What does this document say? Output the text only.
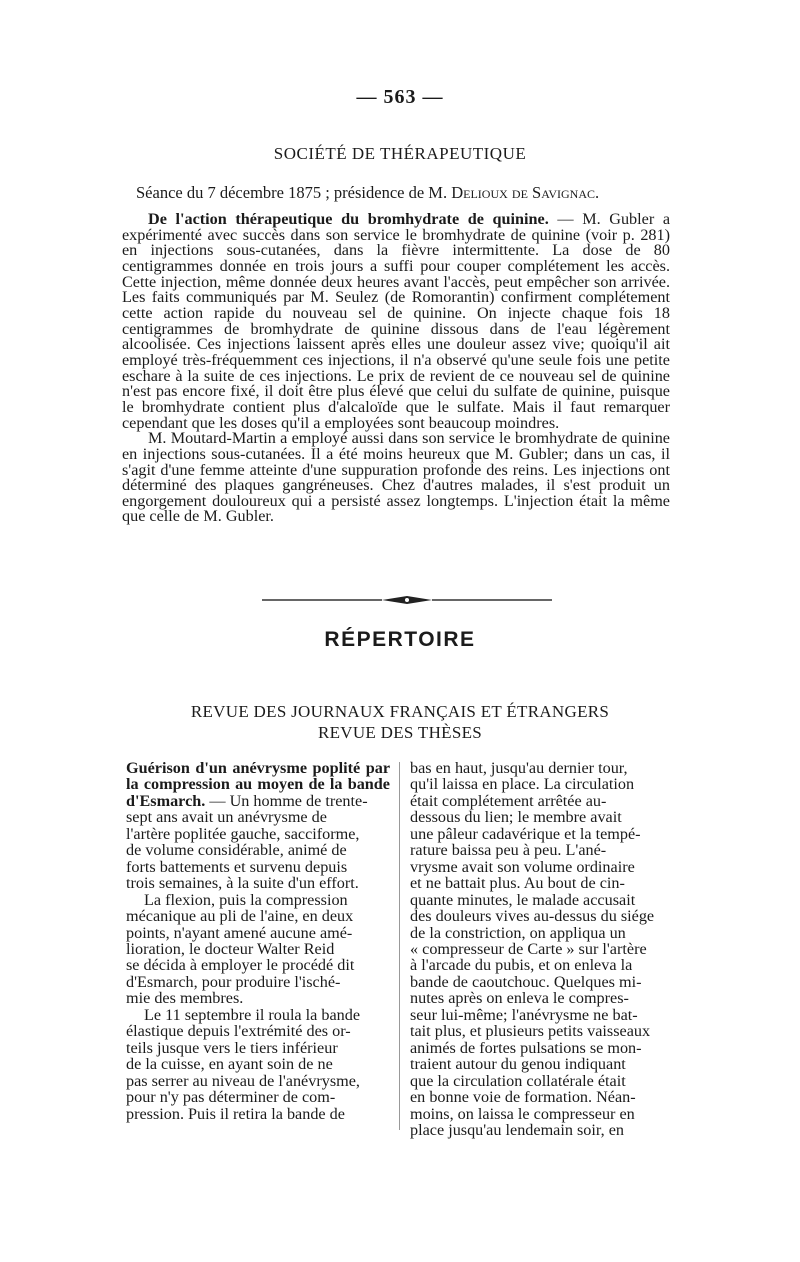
— 563 —
SOCIÉTÉ DE THÉRAPEUTIQUE
Séance du 7 décembre 1875 ; présidence de M. Delioux de Savignac.

De l'action thérapeutique du bromhydrate de quinine. — M. Gubler a expérimenté avec succès dans son service le bromhydrate de quinine (voir p. 281) en injections sous-cutanées, dans la fièvre intermittente. La dose de 80 centigrammes donnée en trois jours a suffi pour couper complétement les accès. Cette injection, même donnée deux heures avant l'accès, peut empêcher son arrivée. Les faits communiqués par M. Seulez (de Romorantin) confirment complétement cette action rapide du nouveau sel de quinine. On injecte chaque fois 18 centigrammes de bromhydrate de quinine dissous dans de l'eau légèrement alcoolisée. Ces injections laissent après elles une douleur assez vive; quoiqu'il ait employé très-fréquemment ces injections, il n'a observé qu'une seule fois une petite eschare à la suite de ces injections. Le prix de revient de ce nouveau sel de quinine n'est pas encore fixé, il doit être plus élevé que celui du sulfate de quinine, puisque le bromhydrate contient plus d'alcaloïde que le sulfate. Mais il faut remarquer cependant que les doses qu'il a employées sont beaucoup moindres.

M. Moutard-Martin a employé aussi dans son service le bromhydrate de quinine en injections sous-cutanées. Il a été moins heureux que M. Gubler; dans un cas, il s'agit d'une femme atteinte d'une suppuration profonde des reins. Les injections ont déterminé des plaques gangréneuses. Chez d'autres malades, il s'est produit un engorgement douloureux qui a persisté assez longtemps. L'injection était la même que celle de M. Gubler.

RÉPERTOIRE
REVUE DES JOURNAUX FRANÇAIS ET ÉTRANGERS
REVUE DES THÈSES
Guérison d'un anévrysme poplité par la compression au moyen de la bande d'Esmarch. — Un homme de trente-
sept ans avait un anévrysme de
l'artère poplitée gauche, sacciforme,
de volume considérable, animé de
forts battements et survenu depuis
trois semaines, à la suite d'un effort.
La flexion, puis la compression
mécanique au pli de l'aine, en deux
points, n'ayant amené aucune amé-
lioration, le docteur Walter Reid
se décida à employer le procédé dit
d'Esmarch, pour produire l'isché-
mie des membres.
Le 11 septembre il roula la bande
élastique depuis l'extrémité des or-
teils jusque vers le tiers inférieur
de la cuisse, en ayant soin de ne
pas serrer au niveau de l'anévrysme,
pour n'y pas déterminer de com-
pression. Puis il retira la bande de
bas en haut, jusqu'au dernier tour,
qu'il laissa en place. La circulation
était complétement arrêtée au-
dessous du lien; le membre avait
une pâleur cadavérique et la tempé-
rature baissa peu à peu. L'ané-
vrysme avait son volume ordinaire
et ne battait plus. Au bout de cin-
quante minutes, le malade accusait
des douleurs vives au-dessus du siége
de la constriction, on appliqua un
« compresseur de Carte » sur l'artère
à l'arcade du pubis, et on enleva la
bande de caoutchouc. Quelques mi-
nutes après on enleva le compres-
seur lui-même; l'anévrysme ne bat-
tait plus, et plusieurs petits vaisseaux
animés de fortes pulsations se mon-
traient autour du genou indiquant
que la circulation collatérale était
en bonne voie de formation. Néan-
moins, on laissa le compresseur en
place jusqu'au lendemain soir, en
